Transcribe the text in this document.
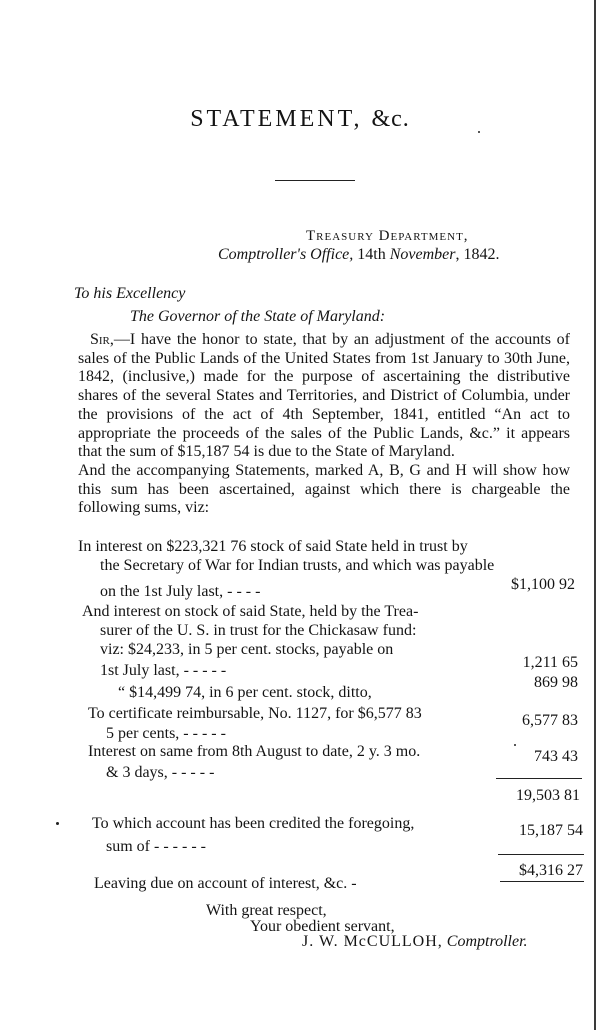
STATEMENT, &c.
Treasury Department,
Comptroller's Office, 14th November, 1842.
To his Excellency
The Governor of the State of Maryland:

Sir,—I have the honor to state, that by an adjustment of the accounts of sales of the Public Lands of the United States from 1st January to 30th June, 1842, (inclusive,) made for the purpose of ascertaining the distributive shares of the several States and Territories, and District of Columbia, under the provisions of the act of 4th September, 1841, entitled “An act to appropriate the proceeds of the sales of the Public Lands, &c.” it appears that the sum of $15,187 54 is due to the State of Maryland.
And the accompanying Statements, marked A, B, G and H will show how this sum has been ascertained, against which there is chargeable the following sums, viz:

In interest on $223,321 76 stock of said State held in trust by
the Secretary of War for Indian trusts, and which was payable
on the 1st July last, - - - -	$1,100 92
And interest on stock of said State, held by the Trea-
surer of the U. S. in trust for the Chickasaw fund:
viz: $24,233, in 5 per cent. stocks, payable on
1st July last, - - - - -	1,211 65
“ $14,499 74, in 6 per cent. stock, ditto,
869 98
To certificate reimbursable, No. 1127, for $6,577 83
5 per cents, - - - - -
6,577 83
Interest on same from 8th August to date, 2 y. 3 mo.
& 3 days, - - - - -
743 43
19,503 81
To which account has been credited the foregoing,
sum of - - - - - -
15,187 54
Leaving due on account of interest, &c. -
$4,316 27
With great respect,
Your obedient servant,
J. W. McCULLOH, Comptroller.
